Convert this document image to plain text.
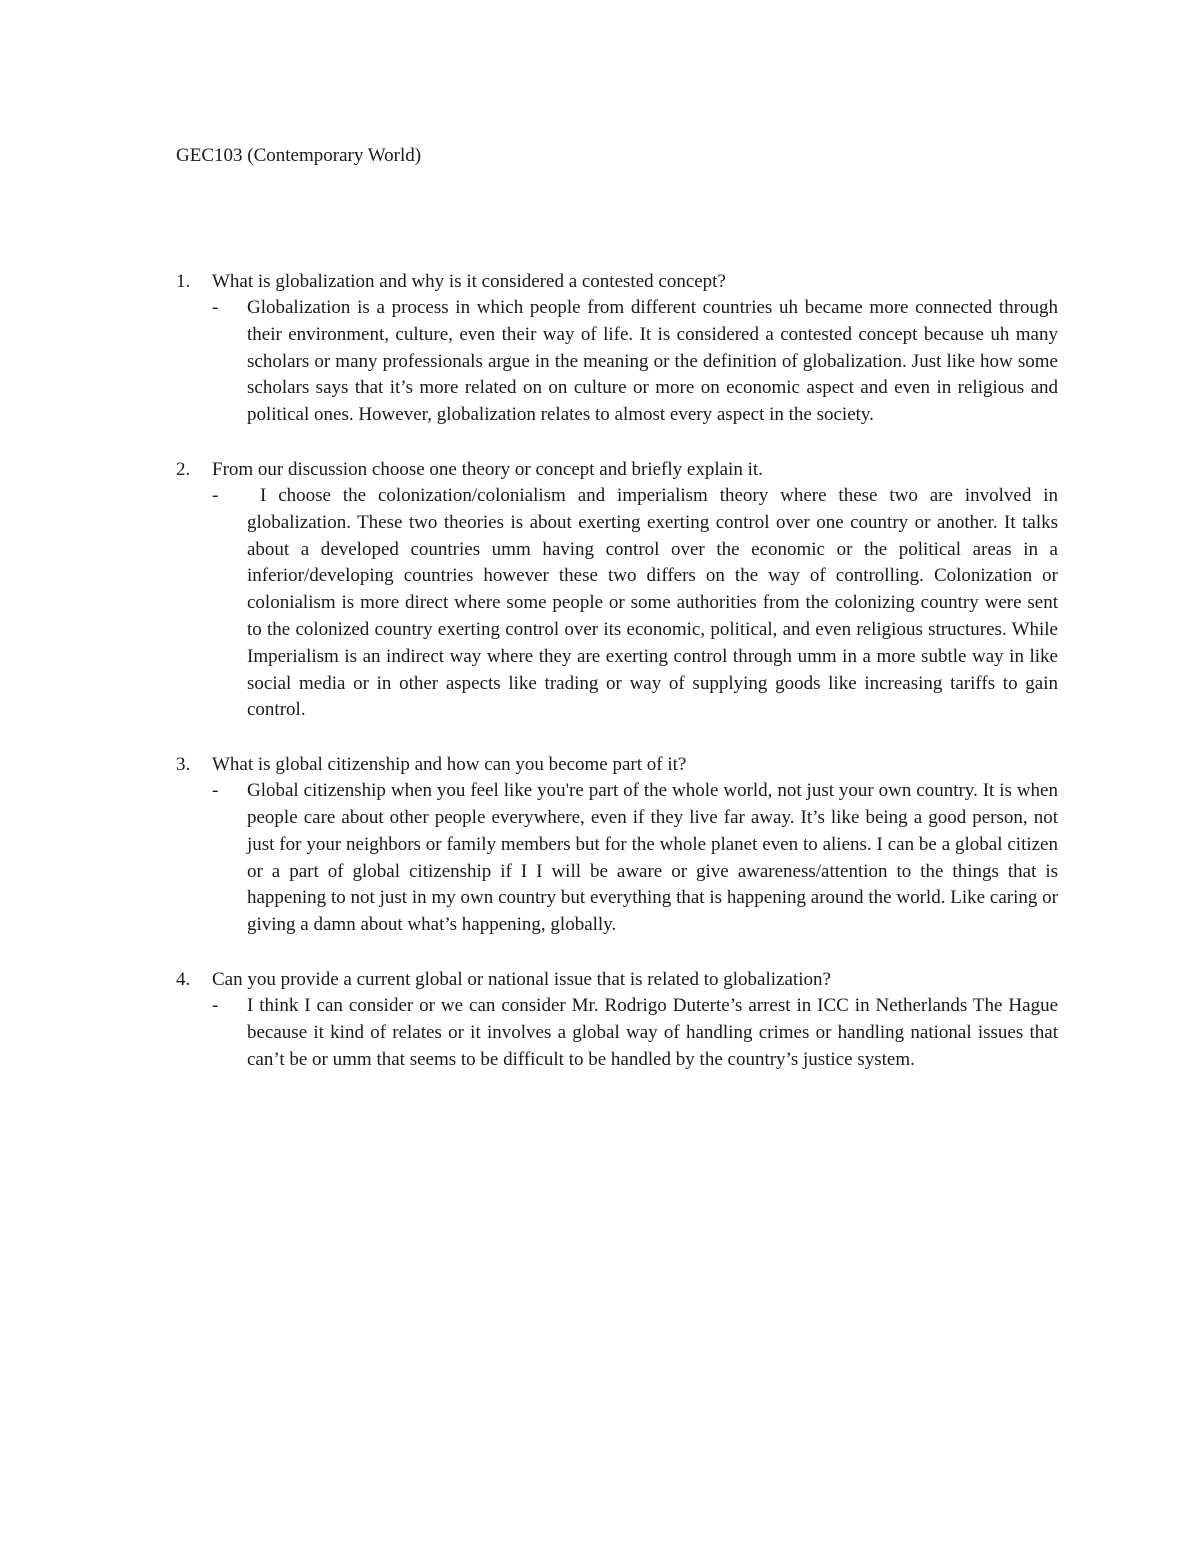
GEC103 (Contemporary World)
1. What is globalization and why is it considered a contested concept?
- Globalization is a process in which people from different countries uh became more connected through their environment, culture, even their way of life. It is considered a contested concept because uh many scholars or many professionals argue in the meaning or the definition of globalization. Just like how some scholars says that it’s more related on on culture or more on economic aspect and even in religious and political ones. However, globalization relates to almost every aspect in the society.
2. From our discussion choose one theory or concept and briefly explain it.
-	I choose the colonization/colonialism and imperialism theory where these two are involved in globalization. These two theories is about exerting exerting control over one country or another. It talks about a developed countries umm having control over the economic or the political areas in a inferior/developing countries however these two differs on the way of controlling. Colonization or colonialism is more direct where some people or some authorities from the colonizing country were sent to the colonized country exerting control over its economic, political, and even religious structures. While Imperialism is an indirect way where they are exerting control through umm in a more subtle way in like social media or in other aspects like trading or way of supplying goods like increasing tariffs to gain control.
3. What is global citizenship and how can you become part of it?
- Global citizenship when you feel like you're part of the whole world, not just your own country. It is when people care about other people everywhere, even if they live far away. It’s like being a good person, not just for your neighbors or family members but for the whole planet even to aliens. I can be a global citizen or a part of global citizenship if I I will be aware or give awareness/attention to the things that is happening to not just in my own country but everything that is happening around the world. Like caring or giving a damn about what’s happening, globally.
4. Can you provide a current global or national issue that is related to globalization?
- I think I can consider or we can consider Mr. Rodrigo Duterte’s arrest in ICC in Netherlands The Hague because it kind of relates or it involves a global way of handling crimes or handling national issues that can’t be or umm that seems to be difficult to be handled by the country’s justice system.
